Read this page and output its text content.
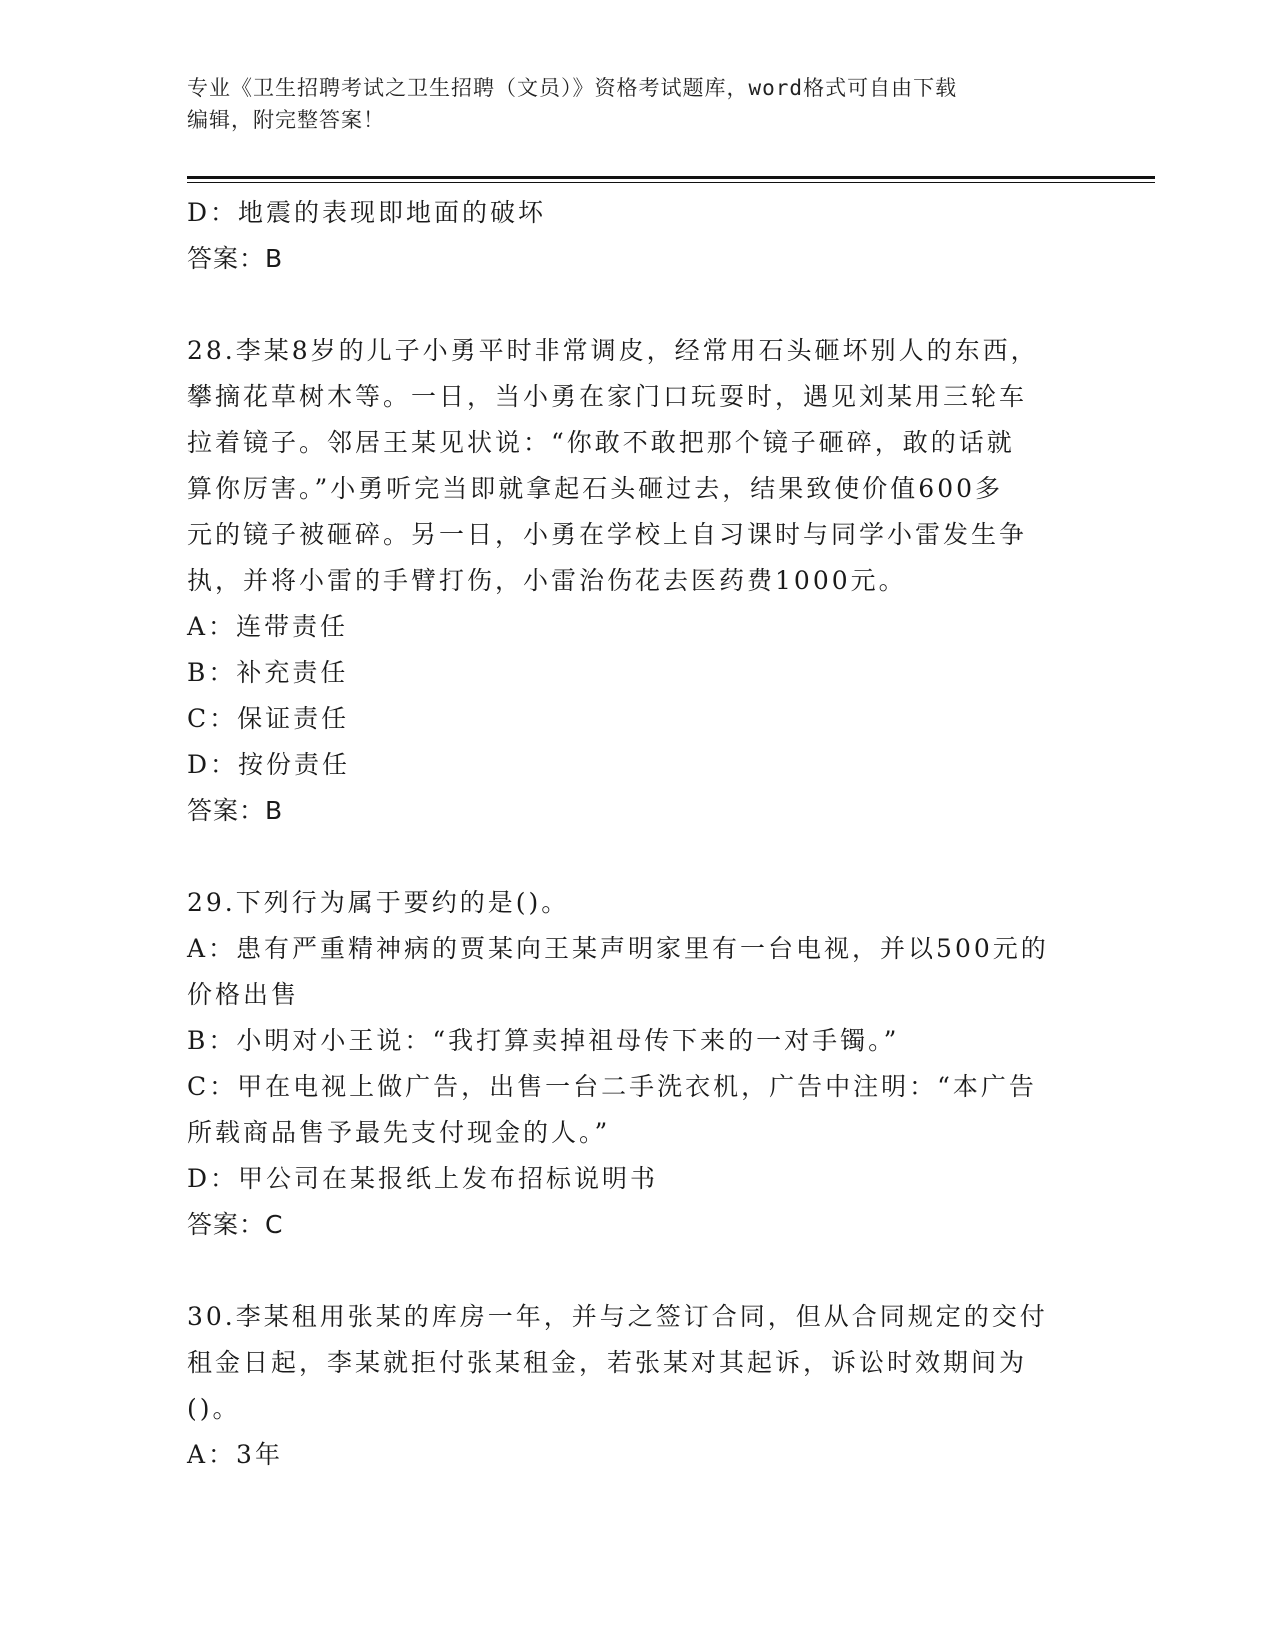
专业《卫生招聘考试之卫生招聘（文员）》资格考试题库，word格式可自由下载
编辑，附完整答案！

D：地震的表现即地面的破坏

答案：B

28.李某8岁的儿子小勇平时非常调皮，经常用石头砸坏别人的东西，

攀摘花草树木等。一日，当小勇在家门口玩耍时，遇见刘某用三轮车

拉着镜子。邻居王某见状说：“你敢不敢把那个镜子砸碎，敢的话就

算你厉害。”小勇听完当即就拿起石头砸过去，结果致使价值600多

元的镜子被砸碎。另一日，小勇在学校上自习课时与同学小雷发生争

执，并将小雷的手臂打伤，小雷治伤花去医药费1000元。

A：连带责任

B：补充责任

C：保证责任

D：按份责任

答案：B

29.下列行为属于要约的是()。

A：患有严重精神病的贾某向王某声明家里有一台电视，并以500元的

价格出售

B：小明对小王说：“我打算卖掉祖母传下来的一对手镯。”

C：甲在电视上做广告，出售一台二手洗衣机，广告中注明：“本广告

所载商品售予最先支付现金的人。”

D：甲公司在某报纸上发布招标说明书

答案：C

30.李某租用张某的库房一年，并与之签订合同，但从合同规定的交付

租金日起，李某就拒付张某租金，若张某对其起诉，诉讼时效期间为

()。

A：3年
